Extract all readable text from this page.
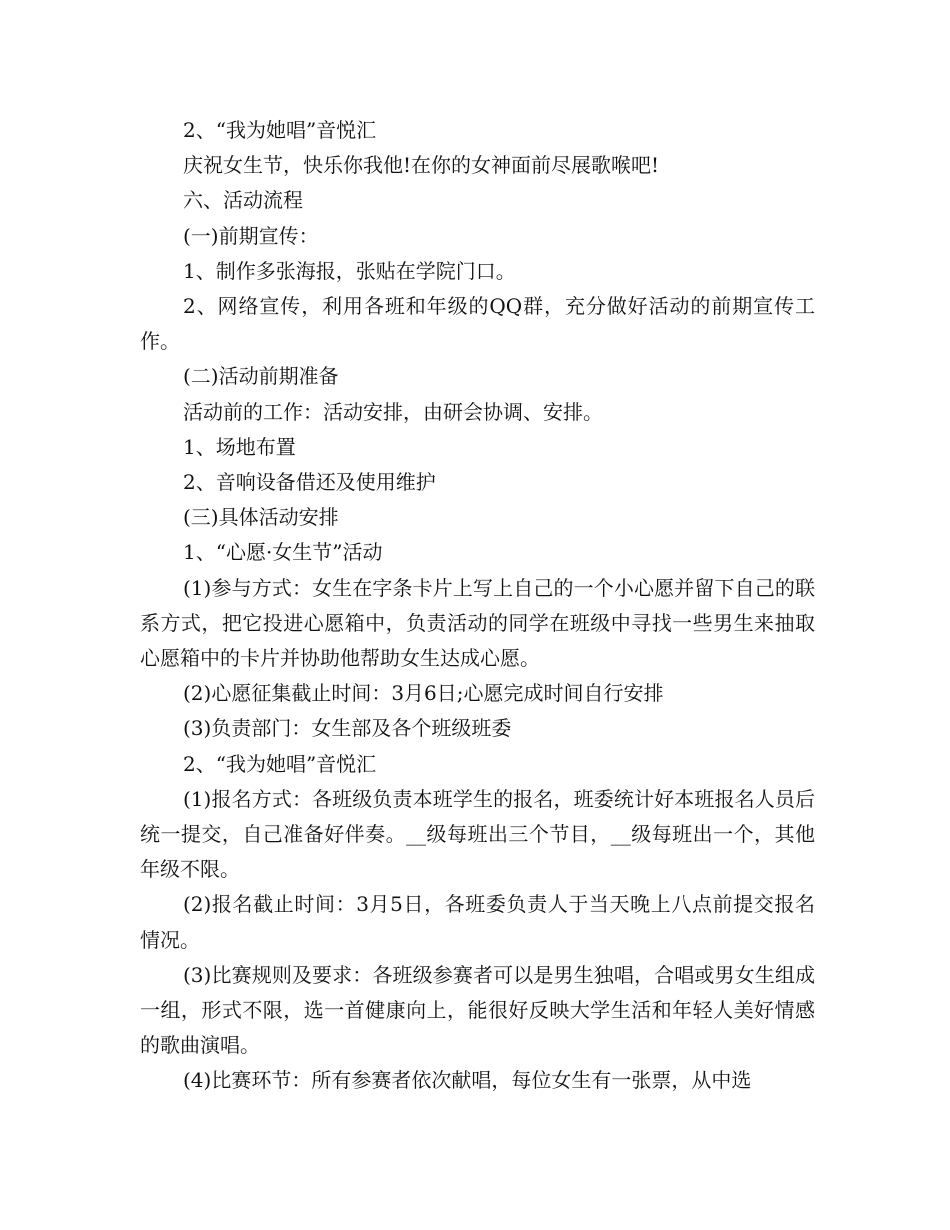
2、“我为她唱”音悦汇

庆祝女生节，快乐你我他!在你的女神面前尽展歌喉吧!

六、活动流程

(一)前期宣传：

1、制作多张海报，张贴在学院门口。

2、网络宣传，利用各班和年级的QQ群，充分做好活动的前期宣传工作。

(二)活动前期准备

活动前的工作：活动安排，由研会协调、安排。

1、场地布置

2、音响设备借还及使用维护

(三)具体活动安排

1、“心愿·女生节”活动

(1)参与方式：女生在字条卡片上写上自己的一个小心愿并留下自己的联系方式，把它投进心愿箱中，负责活动的同学在班级中寻找一些男生来抽取心愿箱中的卡片并协助他帮助女生达成心愿。

(2)心愿征集截止时间：3月6日;心愿完成时间自行安排

(3)负责部门：女生部及各个班级班委

2、“我为她唱”音悦汇

(1)报名方式：各班级负责本班学生的报名，班委统计好本班报名人员后统一提交，自己准备好伴奏。__级每班出三个节目，__级每班出一个，其他年级不限。

(2)报名截止时间：3月5日，各班委负责人于当天晚上八点前提交报名情况。

(3)比赛规则及要求：各班级参赛者可以是男生独唱，合唱或男女生组成一组，形式不限，选一首健康向上，能很好反映大学生活和年轻人美好情感的歌曲演唱。

(4)比赛环节：所有参赛者依次献唱，每位女生有一张票，从中选
